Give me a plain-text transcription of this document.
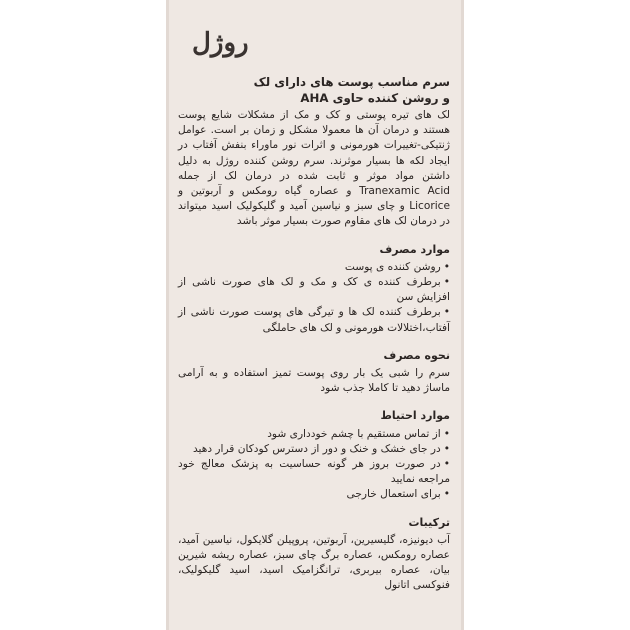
روژل
سرم مناسب پوست های دارای لک
و روشن کننده حاوی AHA

لک های تیره پوستی و کک و مک از مشکلات شایع پوست هستند و درمان آن ها معمولا مشکل و زمان بر است. عوامل ژنتیکی-تغییرات هورمونی و اثرات نور ماوراء بنفش آفتاب در ایجاد لکه ها بسیار موثرند. سرم روشن کننده روژل به دلیل داشتن مواد موثر و ثابت شده در درمان لک از جمله Tranexamic Acid و عصاره گیاه رومکس و آربوتین و Licorice و چای سبز و نیاسین آمید و گلیکولیک اسید میتواند در درمان لک های مقاوم صورت بسیار موثر باشد

موارد مصرف
• روشن کننده ی پوست
• برطرف کننده ی کک و مک و لک های صورت ناشی از افزایش سن
• برطرف کننده لک ها و تیرگی های پوست صورت ناشی از آفتاب،اختلالات هورمونی و لک های حاملگی
نحوه مصرف

سرم را شبی یک بار روی پوست تمیز استفاده و به آرامی ماساژ دهید تا کاملا جذب شود

موارد احتیاط
• از تماس مستقیم با چشم خودداری شود
• در جای خشک و خنک و دور از دسترس کودکان قرار دهید
• در صورت بروز هر گونه حساسیت به پزشک معالج خود مراجعه نمایید
• برای استعمال خارجی
ترکیبات

آب دیونیزه، گلیسیرین، آربوتین، پروپیلن گلایکول، نیاسین آمید، عصاره رومکس، عصاره برگ چای سبز، عصاره ریشه شیرین بیان، عصاره بیربری، ترانگزامیک اسید، اسید گلیکولیک، فنوکسی اتانول
